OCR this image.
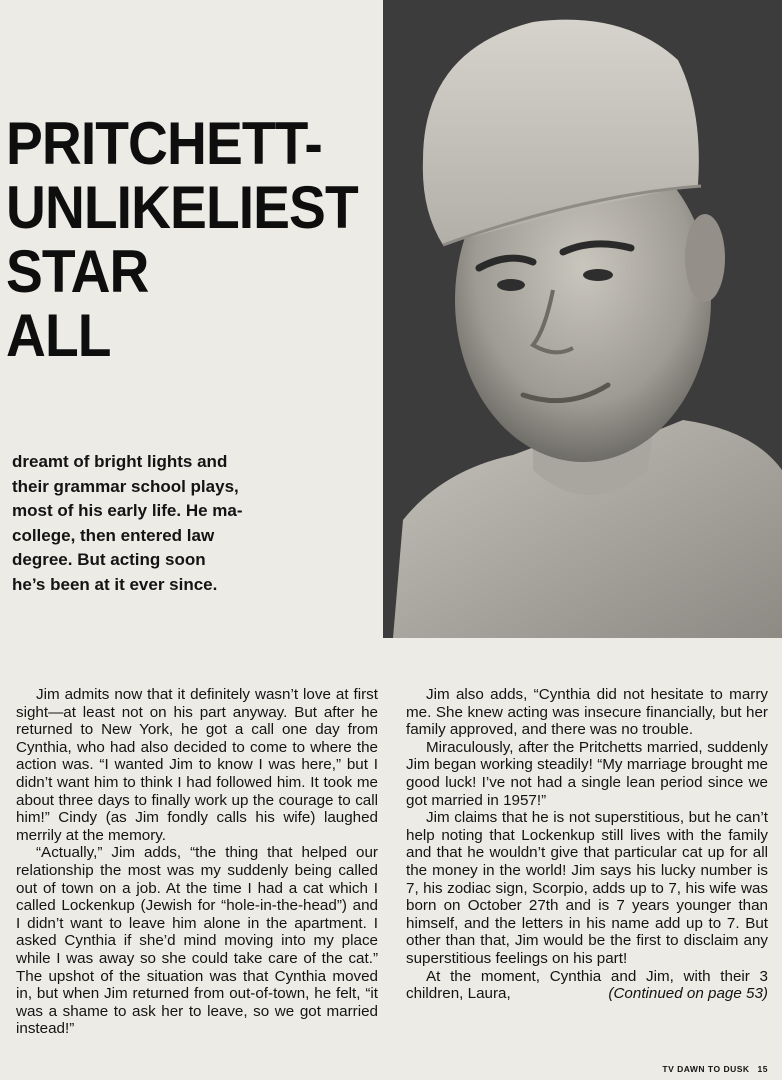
PRITCHETT-
UNLIKELIEST
STAR
ALL
dreamt of bright lights and
their grammar school plays,
most of his early life. He ma-
college, then entered law
degree. But acting soon
he’s been at it ever since.

Jim admits now that it definitely wasn’t love at first sight—at least not on his part anyway. But after he returned to New York, he got a call one day from Cynthia, who had also decided to come to where the action was. “I wanted Jim to know I was here,” but I didn’t want him to think I had followed him. It took me about three days to finally work up the courage to call him!” Cindy (as Jim fondly calls his wife) laughed merrily at the memory.

“Actually,” Jim adds, “the thing that helped our relationship the most was my suddenly being called out of town on a job. At the time I had a cat which I called Lockenkup (Jewish for “hole-in-the-head”) and I didn’t want to leave him alone in the apartment. I asked Cynthia if she’d mind moving into my place while I was away so she could take care of the cat.” The upshot of the situation was that Cynthia moved in, but when Jim returned from out-of-town, he felt, “it was a shame to ask her to leave, so we got married instead!”

Jim also adds, “Cynthia did not hesitate to marry me. She knew acting was insecure financially, but her family approved, and there was no trouble.

Miraculously, after the Pritchetts married, suddenly Jim began working steadily! “My marriage brought me good luck! I’ve not had a single lean period since we got married in 1957!”

Jim claims that he is not superstitious, but he can’t help noting that Lockenkup still lives with the family and that he wouldn’t give that particular cat up for all the money in the world! Jim says his lucky number is 7, his zodiac sign, Scorpio, adds up to 7, his wife was born on October 27th and is 7 years younger than himself, and the letters in his name add up to 7. But other than that, Jim would be the first to disclaim any superstitious feelings on his part!

At the moment, Cynthia and Jim, with their 3 children, Laura,	(Continued on page 53)

TV DAWN TO DUSK 15
